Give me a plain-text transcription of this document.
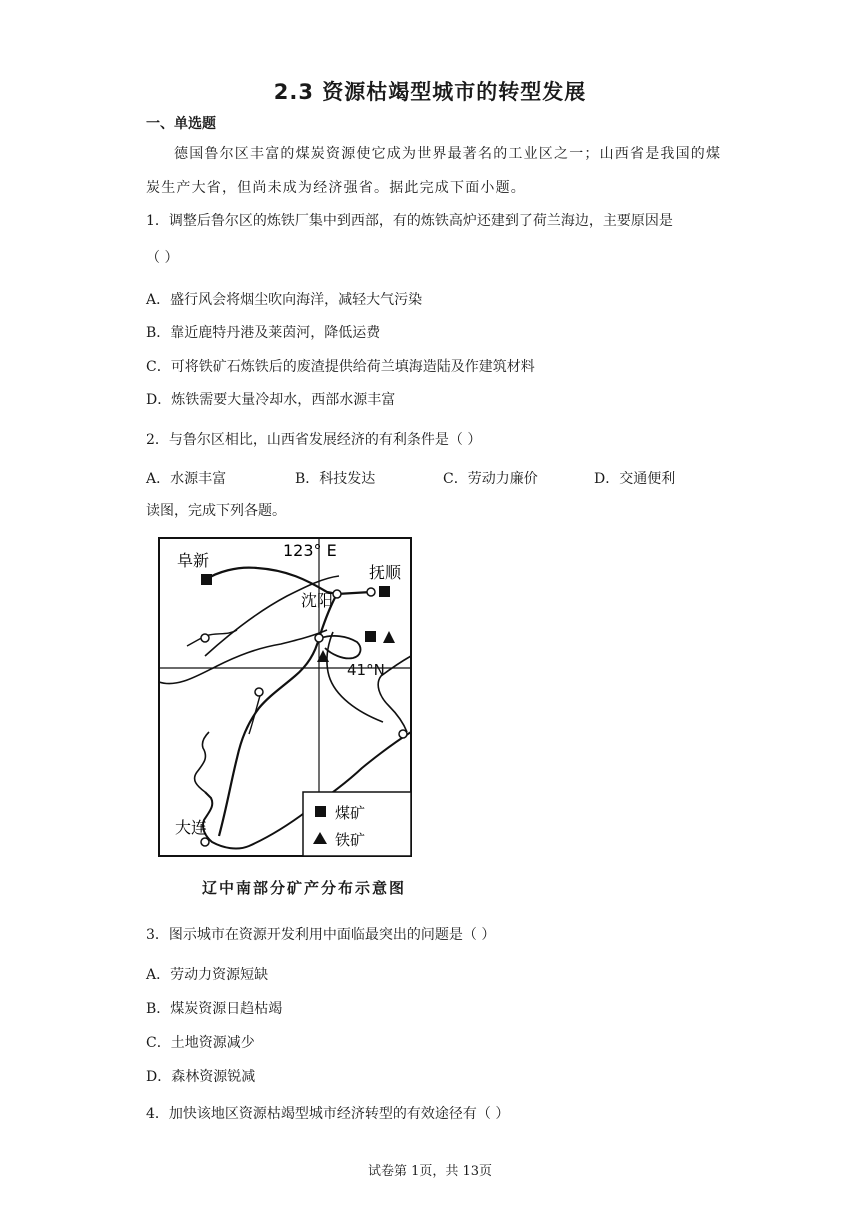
2.3 资源枯竭型城市的转型发展
一、单选题
德国鲁尔区丰富的煤炭资源使它成为世界最著名的工业区之一；山西省是我国的煤
炭生产大省，但尚未成为经济强省。据此完成下面小题。
1．调整后鲁尔区的炼铁厂集中到西部，有的炼铁高炉还建到了荷兰海边，主要原因是
（ ）
A．盛行风会将烟尘吹向海洋，减轻大气污染
B．靠近鹿特丹港及莱茵河，降低运费
C．可将铁矿石炼铁后的废渣提供给荷兰填海造陆及作建筑材料
D．炼铁需要大量冷却水，西部水源丰富
2．与鲁尔区相比，山西省发展经济的有利条件是（ ）
A．水源丰富	B．科技发达	C．劳动力廉价	D．交通便利
读图，完成下列各题。
123° E
41°N
阜新
沈阳
抚顺
大连
煤矿
铁矿
辽中南部分矿产分布示意图
3．图示城市在资源开发利用中面临最突出的问题是（ ）
A．劳动力资源短缺
B．煤炭资源日趋枯竭
C．土地资源减少
D．森林资源锐减
4．加快该地区资源枯竭型城市经济转型的有效途径有（ ）
试卷第 1页，共 13页
